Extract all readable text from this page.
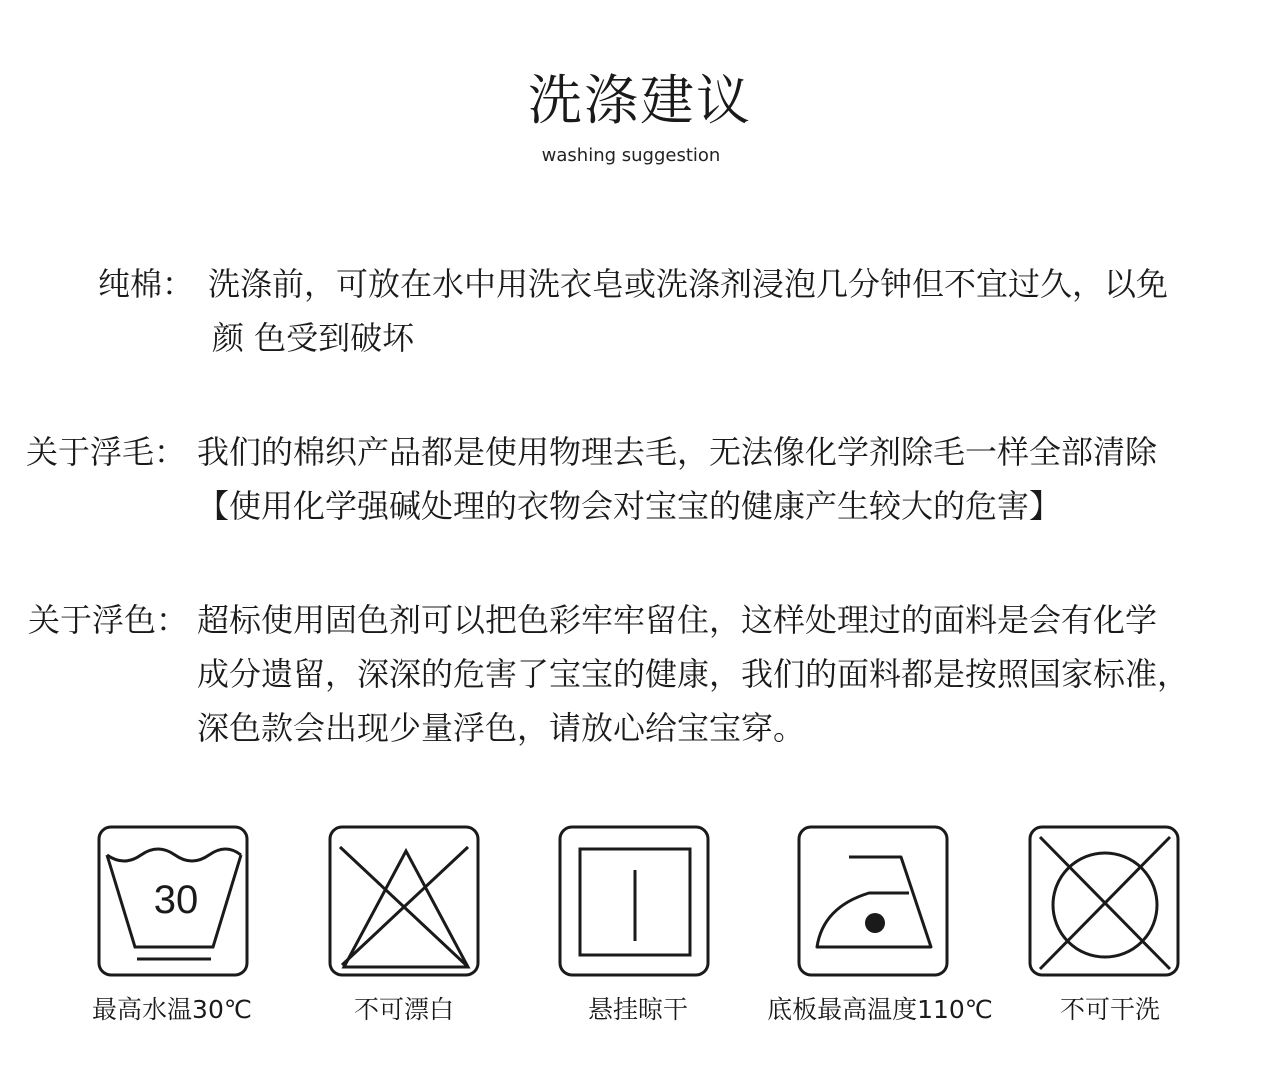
洗涤建议
washing suggestion
纯棉： 洗涤前，可放在水中用洗衣皂或洗涤剂浸泡几分钟但不宜过久，以免
颜 色受到破坏
关于浮毛： 我们的棉织产品都是使用物理去毛，无法像化学剂除毛一样全部清除
【使用化学强碱处理的衣物会对宝宝的健康产生较大的危害】
关于浮色： 超标使用固色剂可以把色彩牢牢留住，这样处理过的面料是会有化学
成分遗留，深深的危害了宝宝的健康，我们的面料都是按照国家标准，
深色款会出现少量浮色，请放心给宝宝穿。
30
最高水温30℃	不可漂白	悬挂晾干	底板最高温度110℃	不可干洗
